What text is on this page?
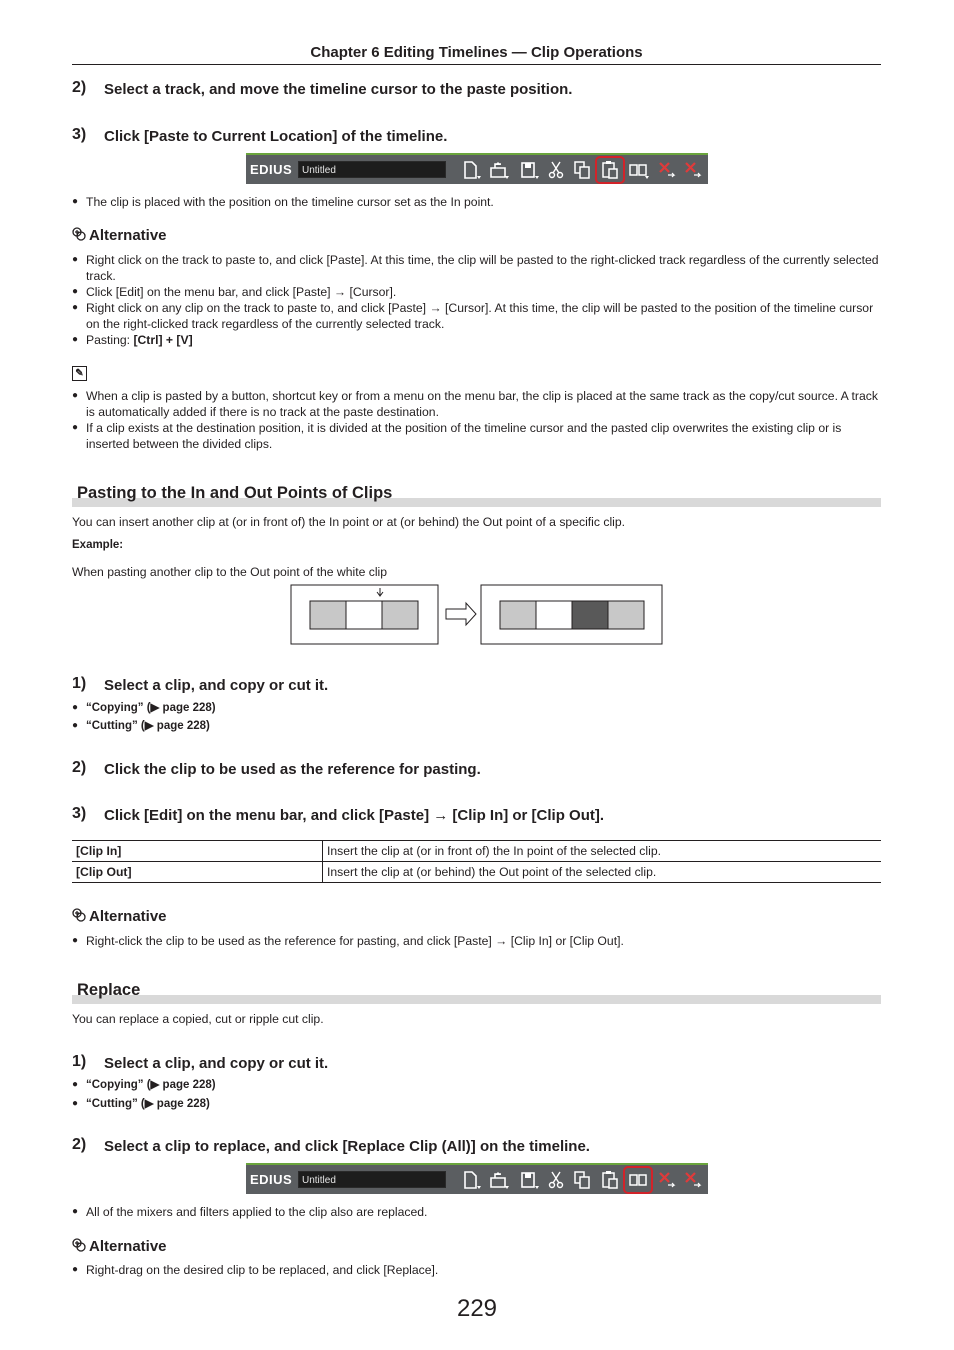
Chapter 6 Editing Timelines — Clip Operations
2) Select a track, and move the timeline cursor to the paste position.
3) Click [Paste to Current Location] of the timeline.
EDIUS Untitled
● The clip is placed with the position on the timeline cursor set as the In point.
Alternative
● Right click on the track to paste to, and click [Paste]. At this time, the clip will be pasted to the right-clicked track regardless of the currently selected track.
● Click [Edit] on the menu bar, and click [Paste] → [Cursor].
● Right click on any clip on the track to paste to, and click [Paste] → [Cursor]. At this time, the clip will be pasted to the position of the timeline cursor on the right-clicked track regardless of the currently selected track.
● Pasting: [Ctrl] + [V]
✎
● When a clip is pasted by a button, shortcut key or from a menu on the menu bar, the clip is placed at the same track as the copy/cut source. A track is automatically added if there is no track at the paste destination.
● If a clip exists at the destination position, it is divided at the position of the timeline cursor and the pasted clip overwrites the existing clip or is inserted between the divided clips.
Pasting to the In and Out Points of Clips
You can insert another clip at (or in front of) the In point or at (or behind) the Out point of a specific clip.
Example:
When pasting another clip to the Out point of the white clip
1) Select a clip, and copy or cut it.
● “Copying” (▶ page 228)
● “Cutting” (▶ page 228)
2) Click the clip to be used as the reference for pasting.
3) Click [Edit] on the menu bar, and click [Paste] → [Clip In] or [Clip Out].
[Clip In]	Insert the clip at (or in front of) the In point of the selected clip.
[Clip Out]	Insert the clip at (or behind) the Out point of the selected clip.
Alternative
● Right-click the clip to be used as the reference for pasting, and click [Paste] → [Clip In] or [Clip Out].
Replace
You can replace a copied, cut or ripple cut clip.
1) Select a clip, and copy or cut it.
● “Copying” (▶ page 228)
● “Cutting” (▶ page 228)
2) Select a clip to replace, and click [Replace Clip (All)] on the timeline.
EDIUS Untitled
● All of the mixers and filters applied to the clip also are replaced.
Alternative
● Right-drag on the desired clip to be replaced, and click [Replace].
229
